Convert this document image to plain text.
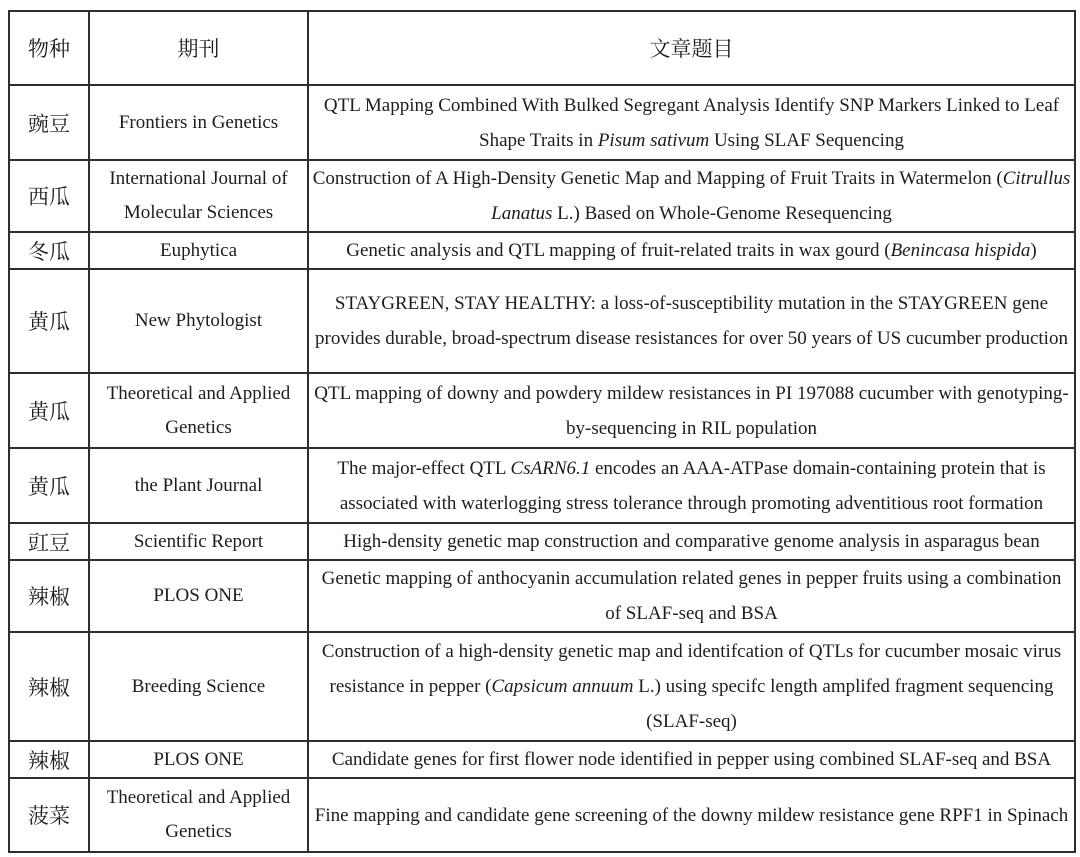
物种	期刊	文章题目
豌豆	Frontiers in Genetics	QTL Mapping Combined With Bulked Segregant Analysis Identify SNP Markers Linked to Leaf Shape Traits in Pisum sativum Using SLAF Sequencing
西瓜	International Journal of Molecular Sciences	Construction of A High-Density Genetic Map and Mapping of Fruit Traits in Watermelon (Citrullus Lanatus L.) Based on Whole-Genome Resequencing
冬瓜	Euphytica	Genetic analysis and QTL mapping of fruit-related traits in wax gourd (Benincasa hispida)
黄瓜	New Phytologist	STAYGREEN, STAY HEALTHY: a loss-of-susceptibility mutation in the STAYGREEN gene provides durable, broad-spectrum disease resistances for over 50 years of US cucumber production
黄瓜	Theoretical and Applied Genetics	QTL mapping of downy and powdery mildew resistances in PI 197088 cucumber with genotyping-by-sequencing in RIL population
黄瓜	the Plant Journal	The major-effect QTL CsARN6.1 encodes an AAA-ATPase domain-containing protein that is associated with waterlogging stress tolerance through promoting adventitious root formation
豇豆	Scientific Report	High-density genetic map construction and comparative genome analysis in asparagus bean
辣椒	PLOS ONE	Genetic mapping of anthocyanin accumulation related genes in pepper fruits using a combination of SLAF-seq and BSA
辣椒	Breeding Science	Construction of a high-density genetic map and identifcation of QTLs for cucumber mosaic virus resistance in pepper (Capsicum annuum L.) using specifc length amplifed fragment sequencing (SLAF-seq)
辣椒	PLOS ONE	Candidate genes for first flower node identified in pepper using combined SLAF-seq and BSA
菠菜	Theoretical and Applied Genetics	Fine mapping and candidate gene screening of the downy mildew resistance gene RPF1 in Spinach
